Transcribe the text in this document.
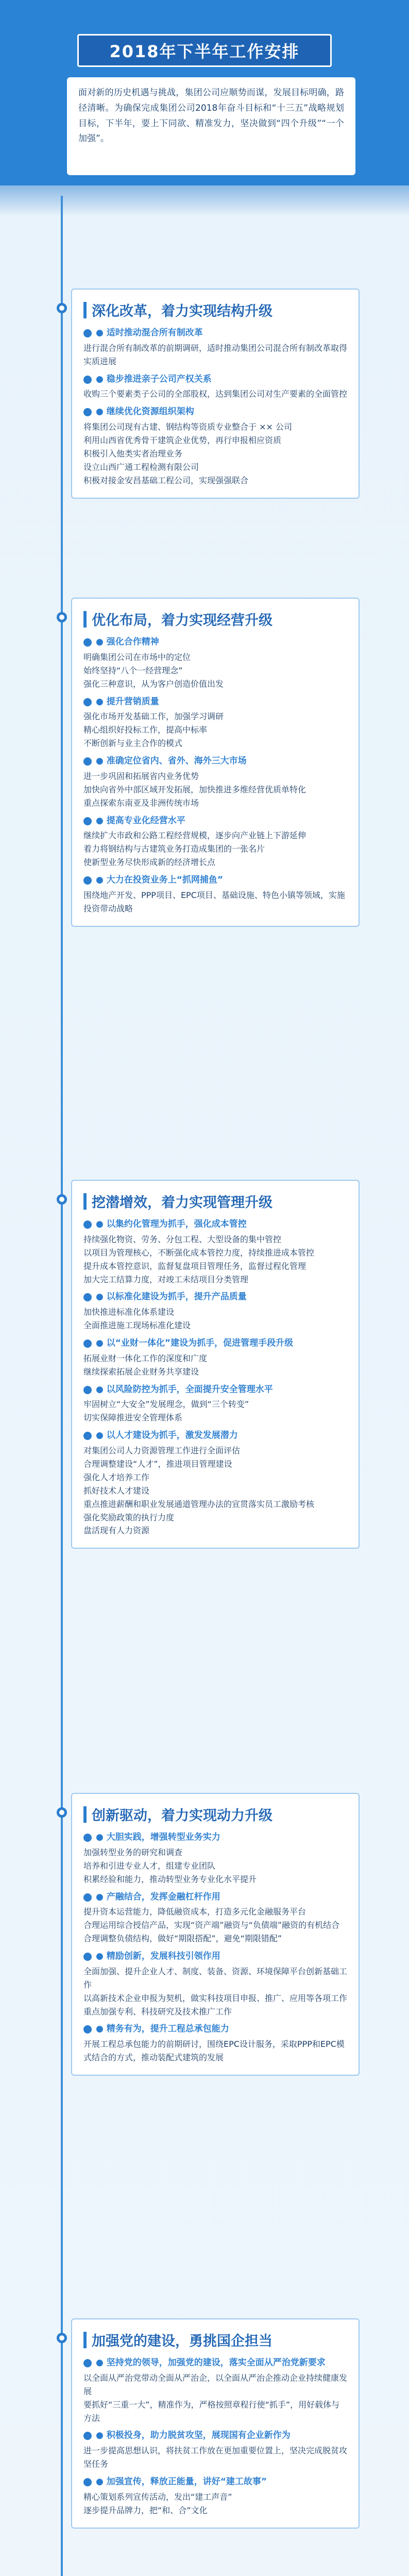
2018年下半年工作安排
面对新的历史机遇与挑战，集团公司应顺势而谋，发展目标明确，路径清晰。为确保完成集团公司2018年奋斗目标和“十三五”战略规划目标，下半年，要上下同欲、精准发力，坚决做到“四个升级”“一个加强”。
深化改革，着力实现结构升级
● 适时推动混合所有制改革
进行混合所有制改革的前期调研，适时推动集团公司混合所有制改革取得实质进展
● 稳步推进亲子公司产权关系
收购三个要素类子公司的全部股权，达到集团公司对生产要素的全面管控
● 继续优化资源组织架构
将集团公司现有古建、钢结构等资质专业整合于 ×× 公司
利用山西省优秀骨干建筑企业优势，再行申报相应资质
积极引入他类实者治理业务
设立山西广通工程检测有限公司
积极对接金安昌基础工程公司，实现强强联合
优化布局，着力实现经营升级
● 强化合作精神
明确集团公司在市场中的定位
始终坚持“八个一经营理念”
强化三种意识，从为客户创造价值出发
● 提升营销质量
强化市场开发基础工作，加强学习调研
精心组织好投标工作，提高中标率
不断创新与业主合作的模式
● 准确定位省内、省外、海外三大市场
进一步巩固和拓展省内业务优势
加快向省外中部区域开发拓展，加快推进多维经营优质单特化
重点探索东南亚及非洲传统市场
● 提高专业化经营水平
继续扩大市政和公路工程经营规模，逐步向产业链上下游延伸
着力将钢结构与古建筑业务打造成集团的一张名片
使新型业务尽快形成新的经济增长点
● 大力在投资业务上“抓网捕鱼”
围绕地产开发、PPP项目、EPC项目、基础设施、特色小镇等领域，实施投资带动战略
挖潜增效，着力实现管理升级
● 以集约化管理为抓手，强化成本管控
持续强化物资、劳务、分包工程、大型设备的集中管控
以项目为管理核心，不断强化成本管控力度，持续推进成本管控
提升成本管控意识，监督复盘项目管理任务，监督过程化管理
加大完工结算力度，对竣工未结项目分类管理
● 以标准化建设为抓手，提升产品质量
加快推进标准化体系建设
全面推进施工现场标准化建设
● 以“业财一体化”建设为抓手，促进管理手段升级
拓展业财一体化工作的深度和广度
继续探索拓展企业财务共享建设
● 以风险防控为抓手，全面提升安全管理水平
牢固树立“大安全”发展理念，做到“三个转变”
切实保障推进安全管理体系
● 以人才建设为抓手，激发发展潜力
对集团公司人力资源管理工作进行全面评估
合理调整建设“人才”，推进项目管理建设
强化人才培养工作
抓好技术人才建设
重点推进薪酬和职业发展通道管理办法的宣贯落实员工激励考核
强化奖励政策的执行力度
盘活现有人力资源
创新驱动，着力实现动力升级
● 大胆实践，增强转型业务实力
加强转型业务的研究和调查
培养和引进专业人才，组建专业团队
积累经验和能力，推动转型业务专业化水平提升
● 产融结合，发挥金融杠杆作用
提升资本运营能力，降低融资成本，打造多元化金融服务平台
合理运用综合授信产品，实现“资产端”融资与“负债端”融资的有机结合
合理调整负债结构，做好“期限搭配”，避免“期限错配”
● 精励创新，发展科技引领作用
全面加强、提升企业人才、制度、装备、资源、环境保障平台创新基础工作
以高新技术企业申报为契机，做实科技项目申报、推广、应用等各项工作
重点加强专利、科技研究及技术推广工作
● 精务有为，提升工程总承包能力
开展工程总承包能力的前期研讨，围绕EPC设计服务，采取PPP和EPC模式结合的方式，推动装配式建筑的发展
加强党的建设，勇挑国企担当
● 坚持党的领导，加强党的建设，落实全面从严治党新要求
以全面从严治党带动全面从严治企，以全面从严治企推动企业持续健康发展
要抓好“三重一大”，精准作为，严格按照章程行使“抓手”，用好载体与方法
● 积极投身，助力脱贫攻坚，展现国有企业新作为
进一步提高思想认识，将扶贫工作放在更加重要位置上，坚决完成脱贫攻坚任务
● 加强宣传，释放正能量，讲好“建工故事”
精心策划系列宣传活动，发出“建工声音”
逐步提升品牌力，把“和、合”文化
